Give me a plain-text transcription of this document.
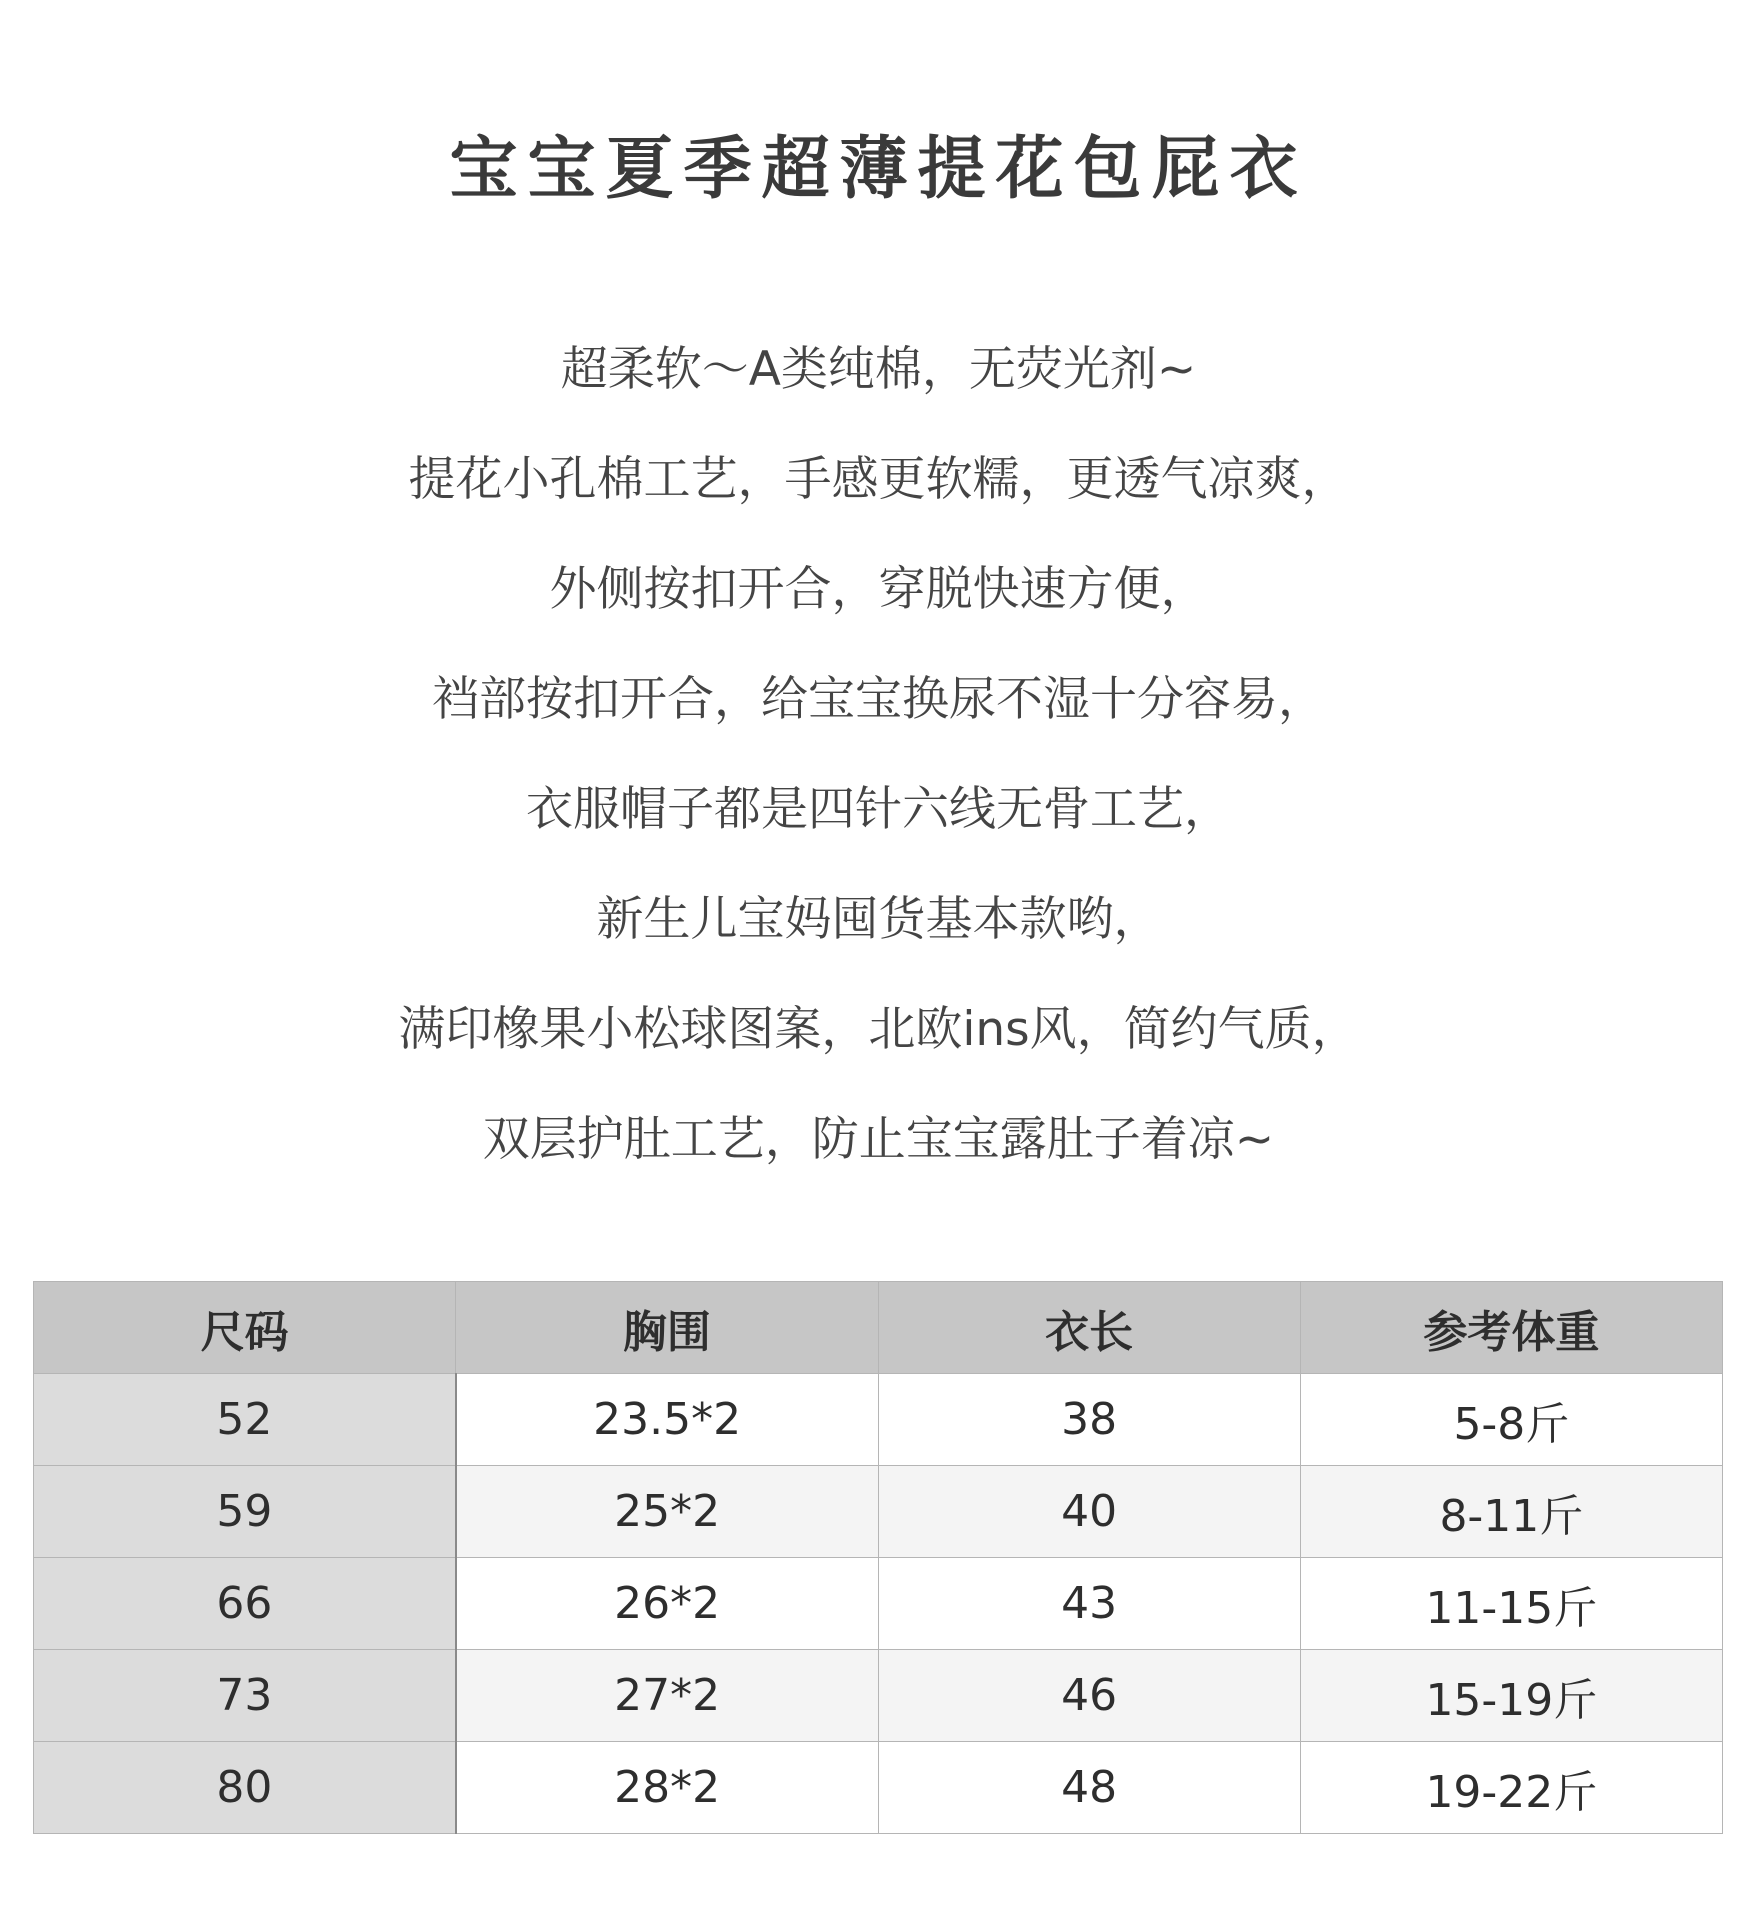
宝宝夏季超薄提花包屁衣
超柔软～A类纯棉，无荧光剂~
提花小孔棉工艺，手感更软糯，更透气凉爽，
外侧按扣开合，穿脱快速方便，
裆部按扣开合，给宝宝换尿不湿十分容易，
衣服帽子都是四针六线无骨工艺，
新生儿宝妈囤货基本款哟，
满印橡果小松球图案，北欧ins风，简约气质，
双层护肚工艺，防止宝宝露肚子着凉~
尺码	胸围	衣长	参考体重
52	23.5*2	38	5-8斤
59	25*2	40	8-11斤
66	26*2	43	11-15斤
73	27*2	46	15-19斤
80	28*2	48	19-22斤
